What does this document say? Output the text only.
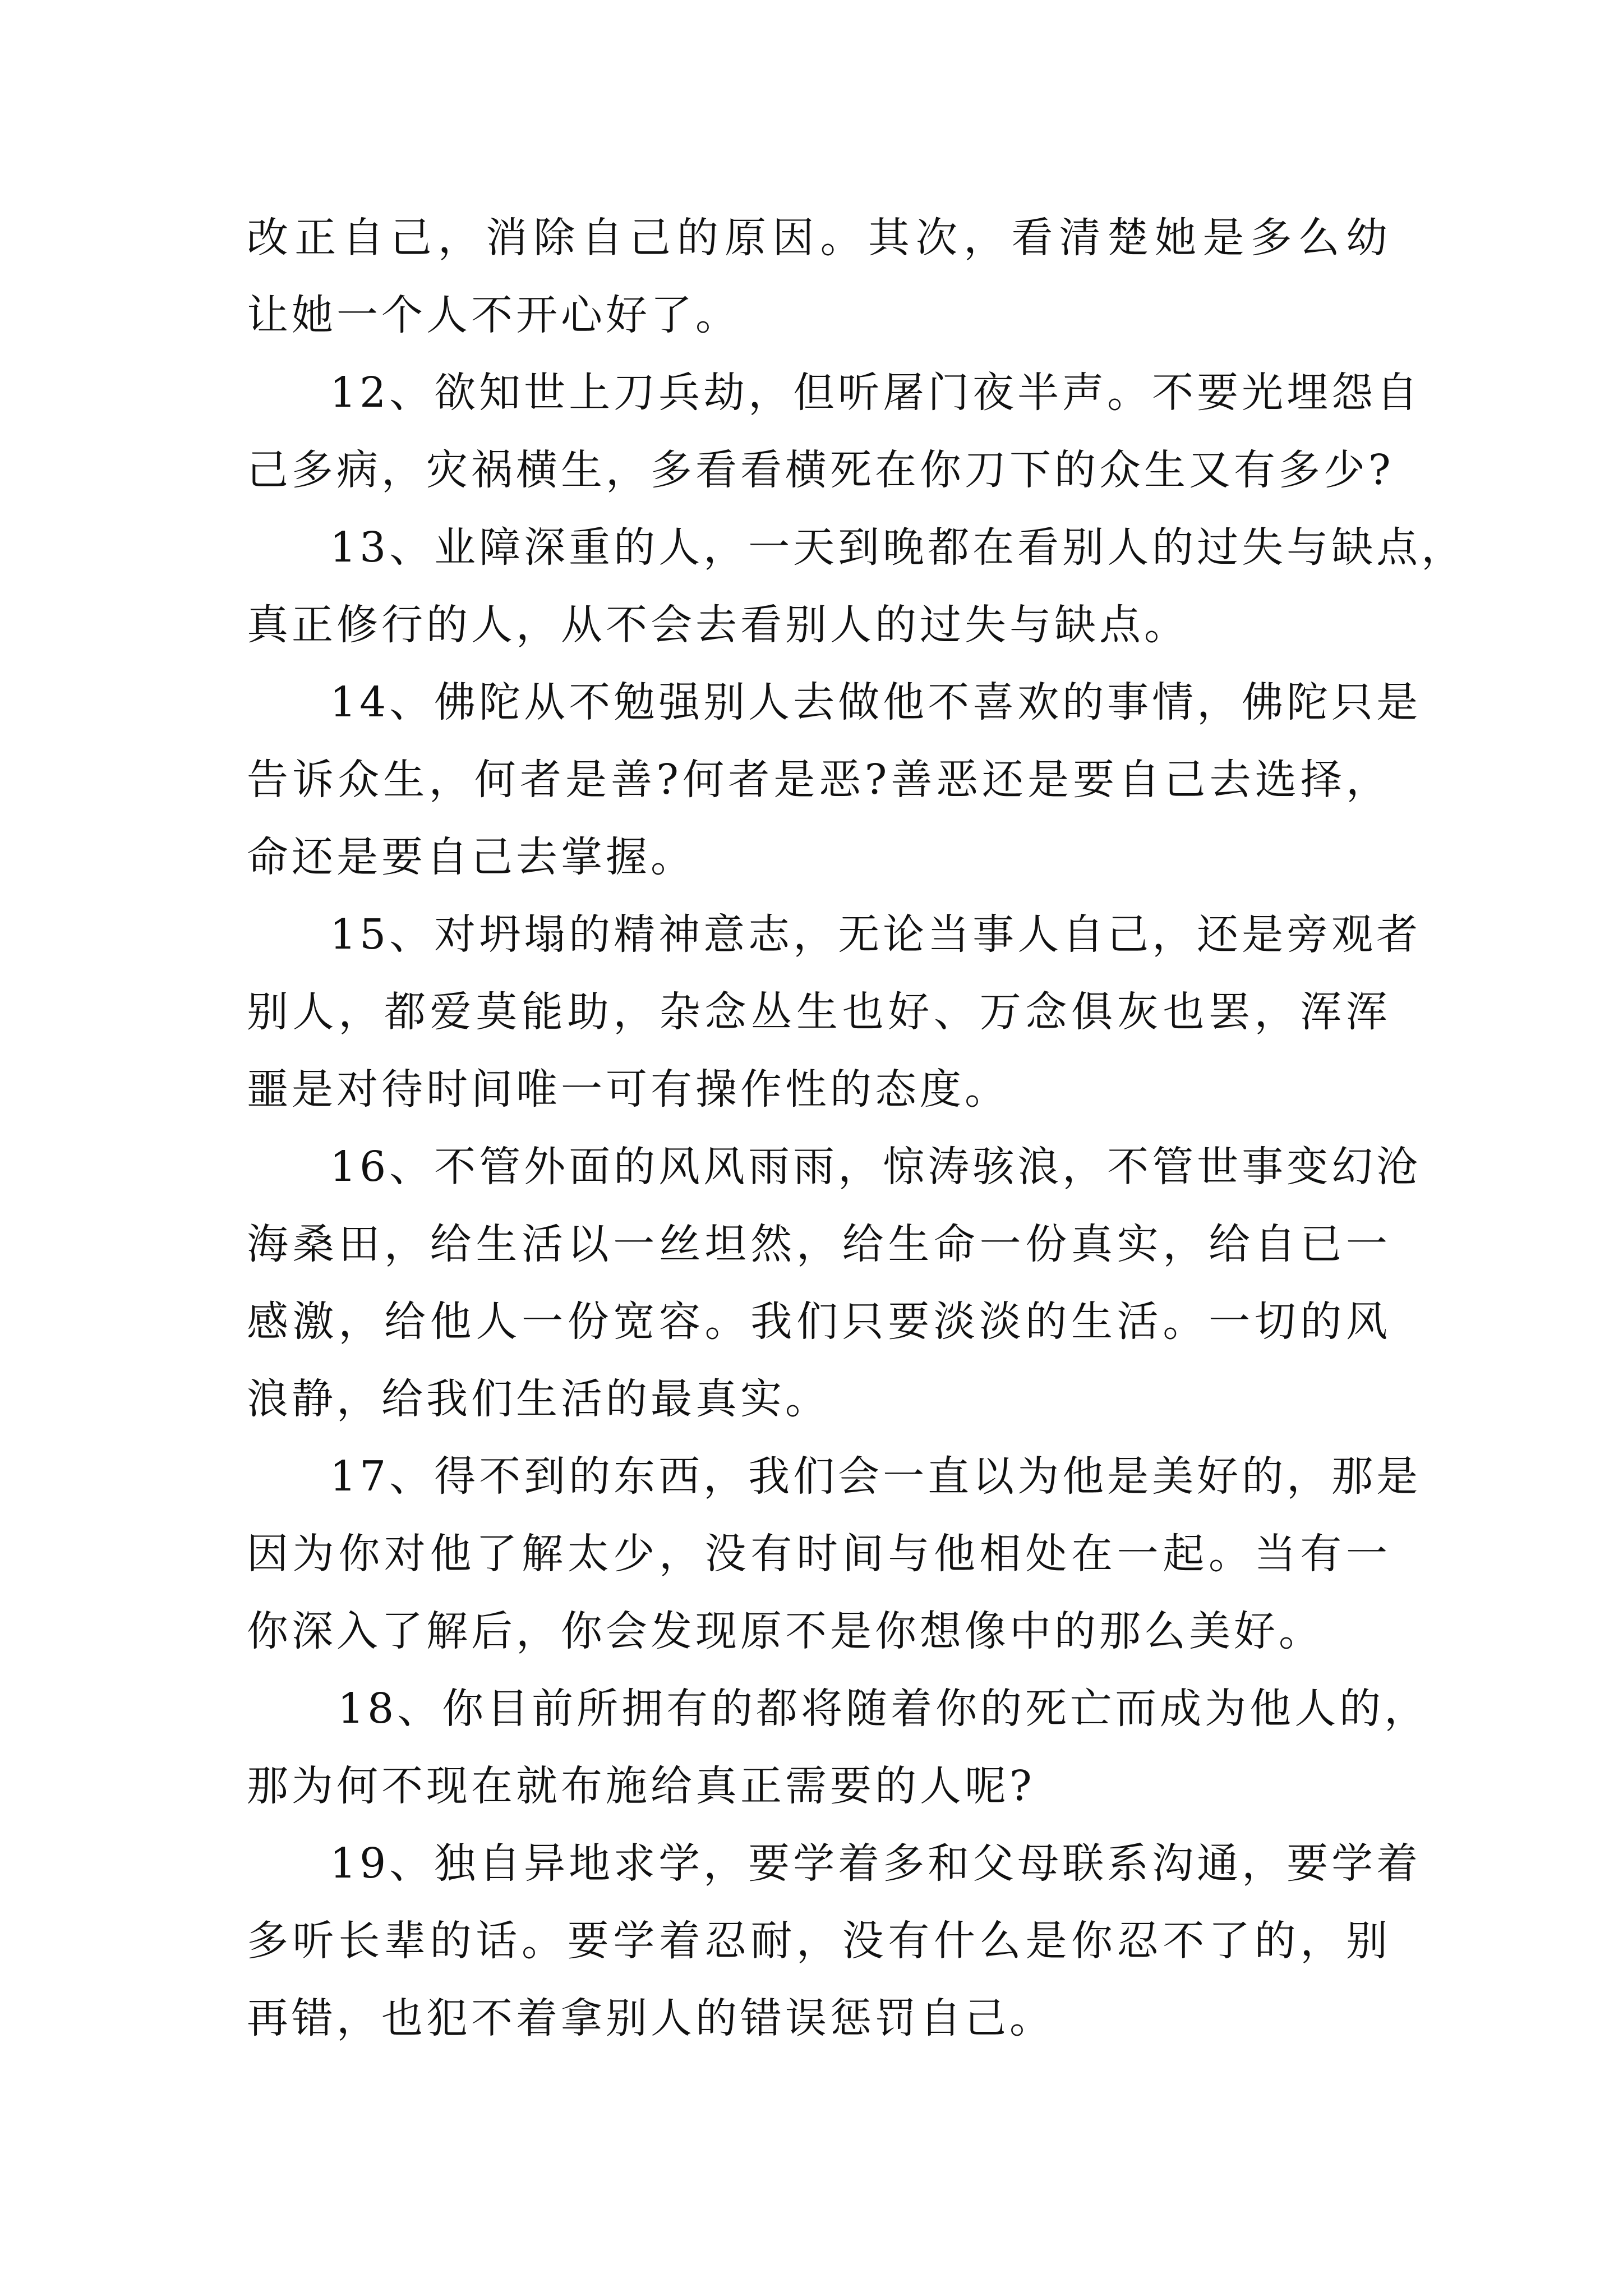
改正自己，消除自己的原因。其次，看清楚她是多么幼
让她一个人不开心好了。
12、欲知世上刀兵劫，但听屠门夜半声。不要光埋怨自
己多病，灾祸横生，多看看横死在你刀下的众生又有多少?
13、业障深重的人，一天到晚都在看别人的过失与缺点，
真正修行的人，从不会去看别人的过失与缺点。
14、佛陀从不勉强别人去做他不喜欢的事情，佛陀只是
告诉众生，何者是善?何者是恶?善恶还是要自己去选择，
命还是要自己去掌握。
15、对坍塌的精神意志，无论当事人自己，还是旁观者
别人，都爱莫能助，杂念丛生也好、万念俱灰也罢，浑浑
噩是对待时间唯一可有操作性的态度。
16、不管外面的风风雨雨，惊涛骇浪，不管世事变幻沧
海桑田，给生活以一丝坦然，给生命一份真实，给自已一
感激，给他人一份宽容。我们只要淡淡的生活。一切的风
浪静，给我们生活的最真实。
17、得不到的东西，我们会一直以为他是美好的，那是
因为你对他了解太少，没有时间与他相处在一起。当有一
你深入了解后，你会发现原不是你想像中的那么美好。
18、你目前所拥有的都将随着你的死亡而成为他人的，
那为何不现在就布施给真正需要的人呢?
19、独自异地求学，要学着多和父母联系沟通，要学着
多听长辈的话。要学着忍耐，没有什么是你忍不了的，别
再错，也犯不着拿别人的错误惩罚自己。
